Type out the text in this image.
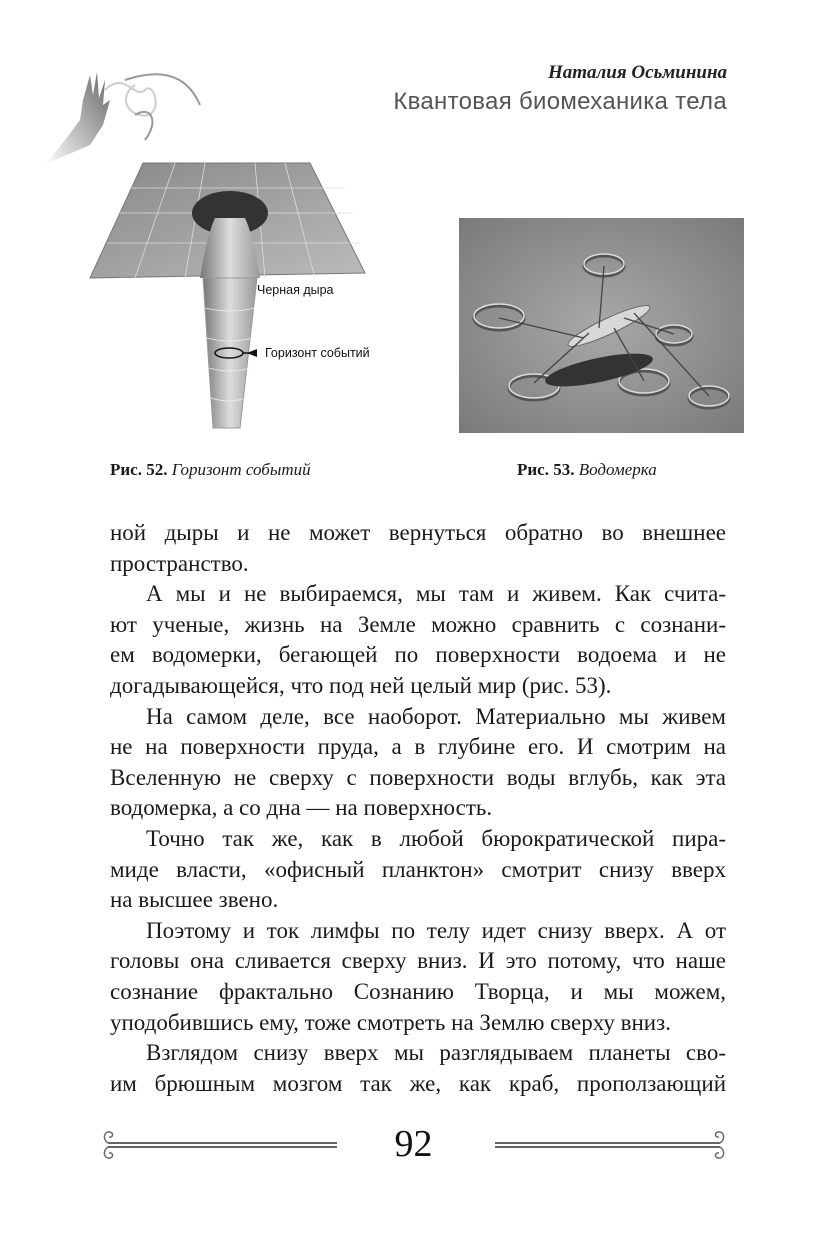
Наталия Осьминина
Квантовая биомеханика тела
Черная дыра
Горизонт событий
Рис. 52. Горизонт событий	Рис. 53. Водомерка
ной дыры и не может вернуться обратно во внешнее
пространство.
А мы и не выбираемся, мы там и живем. Как счита-
ют ученые, жизнь на Земле можно сравнить с сознани-
ем водомерки, бегающей по поверхности водоема и не
догадывающейся, что под ней целый мир (рис. 53).
На самом деле, все наоборот. Материально мы живем
не на поверхности пруда, а в глубине его. И смотрим на
Вселенную не сверху с поверхности воды вглубь, как эта
водомерка, а со дна — на поверхность.
Точно так же, как в любой бюрократической пира-
миде власти, «офисный планктон» смотрит снизу вверх
на высшее звено.
Поэтому и ток лимфы по телу идет снизу вверх. А от
головы она сливается сверху вниз. И это потому, что наше
сознание фрактально Сознанию Творца, и мы можем,
уподобившись ему, тоже смотреть на Землю сверху вниз.
Взглядом снизу вверх мы разглядываем планеты сво-
им брюшным мозгом так же, как краб, проползающий
92
